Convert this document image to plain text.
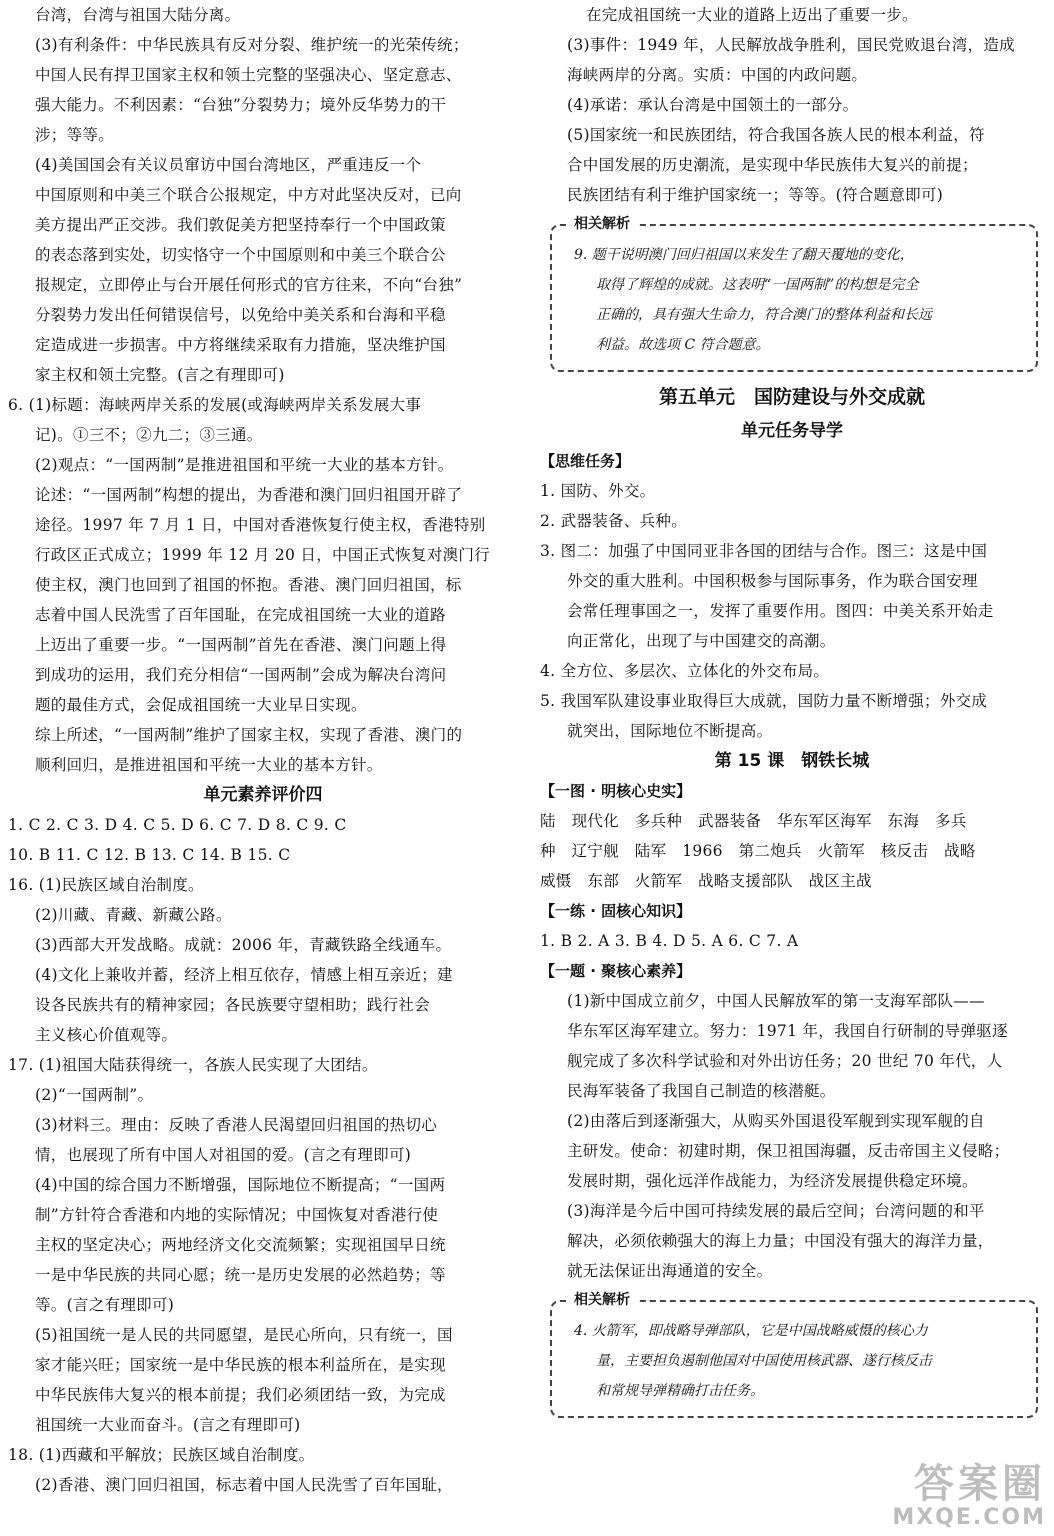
台湾，台湾与祖国大陆分离。
(3)有利条件：中华民族具有反对分裂、维护统一的光荣传统；
中国人民有捍卫国家主权和领土完整的坚强决心、坚定意志、
强大能力。不利因素：“台独”分裂势力；境外反华势力的干
涉；等等。
(4)美国国会有关议员窜访中国台湾地区，严重违反一个
中国原则和中美三个联合公报规定，中方对此坚决反对，已向
美方提出严正交涉。我们敦促美方把坚持奉行一个中国政策
的表态落到实处，切实恪守一个中国原则和中美三个联合公
报规定，立即停止与台开展任何形式的官方往来，不向“台独”
分裂势力发出任何错误信号，以免给中美关系和台海和平稳
定造成进一步损害。中方将继续采取有力措施，坚决维护国
家主权和领土完整。(言之有理即可)
6. (1)标题：海峡两岸关系的发展(或海峡两岸关系发展大事
记)。①三不；②九二；③三通。
(2)观点：“一国两制”是推进祖国和平统一大业的基本方针。
论述：“一国两制”构想的提出，为香港和澳门回归祖国开辟了
途径。1997 年 7 月 1 日，中国对香港恢复行使主权，香港特别
行政区正式成立；1999 年 12 月 20 日，中国正式恢复对澳门行
使主权，澳门也回到了祖国的怀抱。香港、澳门回归祖国，标
志着中国人民洗雪了百年国耻，在完成祖国统一大业的道路
上迈出了重要一步。“一国两制”首先在香港、澳门问题上得
到成功的运用，我们充分相信“一国两制”会成为解决台湾问
题的最佳方式，会促成祖国统一大业早日实现。
综上所述，“一国两制”维护了国家主权，实现了香港、澳门的
顺利回归，是推进祖国和平统一大业的基本方针。
单元素养评价四
1. C 2. C 3. D 4. C 5. D 6. C 7. D 8. C 9. C
10. B 11. C 12. B 13. C 14. B 15. C
16. (1)民族区域自治制度。
(2)川藏、青藏、新藏公路。
(3)西部大开发战略。成就：2006 年，青藏铁路全线通车。
(4)文化上兼收并蓄，经济上相互依存，情感上相互亲近；建
设各民族共有的精神家园；各民族要守望相助；践行社会
主义核心价值观等。
17. (1)祖国大陆获得统一，各族人民实现了大团结。
(2)“一国两制”。
(3)材料三。理由：反映了香港人民渴望回归祖国的热切心
情，也展现了所有中国人对祖国的爱。(言之有理即可)
(4)中国的综合国力不断增强，国际地位不断提高；“一国两
制”方针符合香港和内地的实际情况；中国恢复对香港行使
主权的坚定决心；两地经济文化交流频繁；实现祖国早日统
一是中华民族的共同心愿；统一是历史发展的必然趋势；等
等。(言之有理即可)
(5)祖国统一是人民的共同愿望，是民心所向，只有统一，国
家才能兴旺；国家统一是中华民族的根本利益所在，是实现
中华民族伟大复兴的根本前提；我们必须团结一致，为完成
祖国统一大业而奋斗。(言之有理即可)
18. (1)西藏和平解放；民族区域自治制度。
(2)香港、澳门回归祖国，标志着中国人民洗雪了百年国耻，
在完成祖国统一大业的道路上迈出了重要一步。
(3)事件：1949 年，人民解放战争胜利，国民党败退台湾，造成
海峡两岸的分离。实质：中国的内政问题。
(4)承诺：承认台湾是中国领土的一部分。
(5)国家统一和民族团结，符合我国各族人民的根本利益，符
合中国发展的历史潮流，是实现中华民族伟大复兴的前提；
民族团结有利于维护国家统一；等等。(符合题意即可)
相关解析
9. 题干说明澳门回归祖国以来发生了翻天覆地的变化，
取得了辉煌的成就。这表明“一国两制”的构想是完全
正确的，具有强大生命力，符合澳门的整体利益和长远
利益。故选项 C 符合题意。
第五单元　国防建设与外交成就
单元任务导学
【思维任务】
1. 国防、外交。
2. 武器装备、兵种。
3. 图二：加强了中国同亚非各国的团结与合作。图三：这是中国
外交的重大胜利。中国积极参与国际事务，作为联合国安理
会常任理事国之一，发挥了重要作用。图四：中美关系开始走
向正常化，出现了与中国建交的高潮。
4. 全方位、多层次、立体化的外交布局。
5. 我国军队建设事业取得巨大成就，国防力量不断增强；外交成
就突出，国际地位不断提高。
第 15 课　钢铁长城
【一图 · 明核心史实】
陆　现代化　多兵种　武器装备　华东军区海军　东海　多兵
种　辽宁舰　陆军　1966　第二炮兵　火箭军　核反击　战略
威慑　东部　火箭军　战略支援部队　战区主战
【一练 · 固核心知识】
1. B 2. A 3. B 4. D 5. A 6. C 7. A
【一题 · 聚核心素养】
(1)新中国成立前夕，中国人民解放军的第一支海军部队——
华东军区海军建立。努力：1971 年，我国自行研制的导弹驱逐
舰完成了多次科学试验和对外出访任务；20 世纪 70 年代，人
民海军装备了我国自己制造的核潜艇。
(2)由落后到逐渐强大，从购买外国退役军舰到实现军舰的自
主研发。使命：初建时期，保卫祖国海疆，反击帝国主义侵略；
发展时期，强化远洋作战能力，为经济发展提供稳定环境。
(3)海洋是今后中国可持续发展的最后空间；台湾问题的和平
解决，必须依赖强大的海上力量；中国没有强大的海洋力量，
就无法保证出海通道的安全。
相关解析
4. 火箭军，即战略导弹部队，它是中国战略威慑的核心力
量，主要担负遏制他国对中国使用核武器、遂行核反击
和常规导弹精确打击任务。
答案圈
MXQE.COM
